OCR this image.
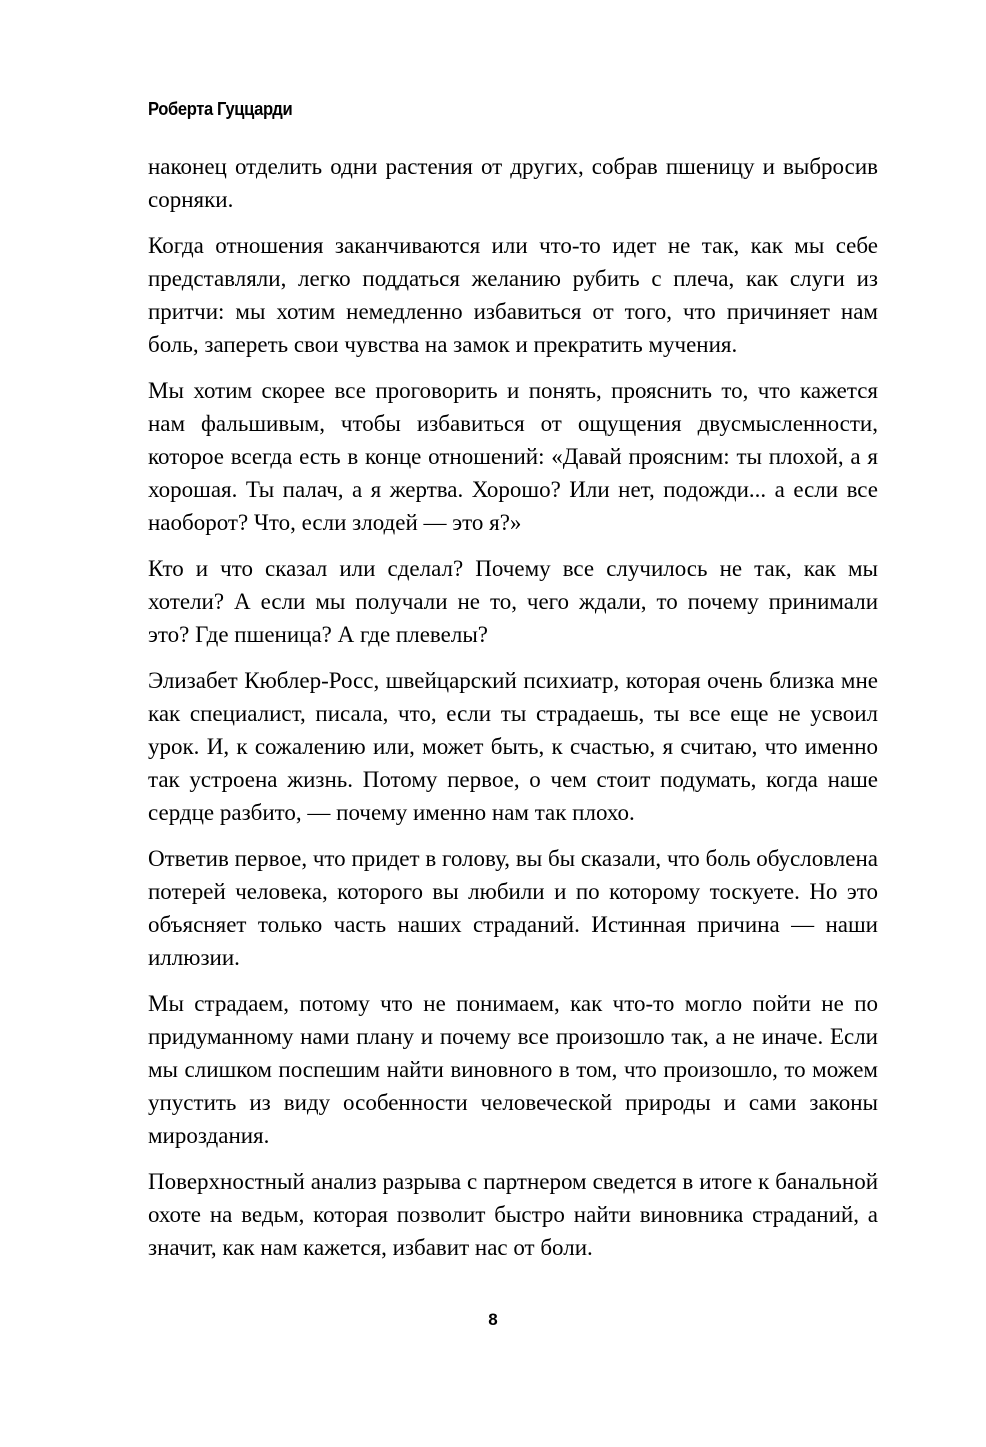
Роберта Гуццарди

наконец отделить одни растения от других, собрав пшеницу и выбросив сорняки.

Когда отношения заканчиваются или что-то идет не так, как мы себе представляли, легко поддаться желанию рубить с плеча, как слуги из притчи: мы хотим немедленно избавиться от того, что причиняет нам боль, запереть свои чувства на замок и прекратить мучения.

Мы хотим скорее все проговорить и понять, прояснить то, что кажется нам фальшивым, чтобы избавиться от ощущения двусмысленности, которое всегда есть в конце отношений: «Давай проясним: ты плохой, а я хорошая. Ты палач, а я жертва. Хорошо? Или нет, подожди... а если все наоборот? Что, если злодей — это я?»

Кто и что сказал или сделал? Почему все случилось не так, как мы хотели? А если мы получали не то, чего ждали, то почему принимали это? Где пшеница? А где плевелы?

Элизабет Кюблер-Росс, швейцарский психиатр, которая очень близка мне как специалист, писала, что, если ты страдаешь, ты все еще не усвоил урок. И, к сожалению или, может быть, к счастью, я считаю, что именно так устроена жизнь. Потому первое, о чем стоит подумать, когда наше сердце разбито, — почему именно нам так плохо.

Ответив первое, что придет в голову, вы бы сказали, что боль обусловлена потерей человека, которого вы любили и по которому тоскуете. Но это объясняет только часть наших страданий. Истинная причина — наши иллюзии.

Мы страдаем, потому что не понимаем, как что-то могло пойти не по придуманному нами плану и почему все произошло так, а не иначе. Если мы слишком поспешим найти виновного в том, что произошло, то можем упустить из виду особенности человеческой природы и сами законы мироздания.

Поверхностный анализ разрыва с партнером сведется в итоге к банальной охоте на ведьм, которая позволит быстро найти виновника страданий, а значит, как нам кажется, избавит нас от боли.

8
